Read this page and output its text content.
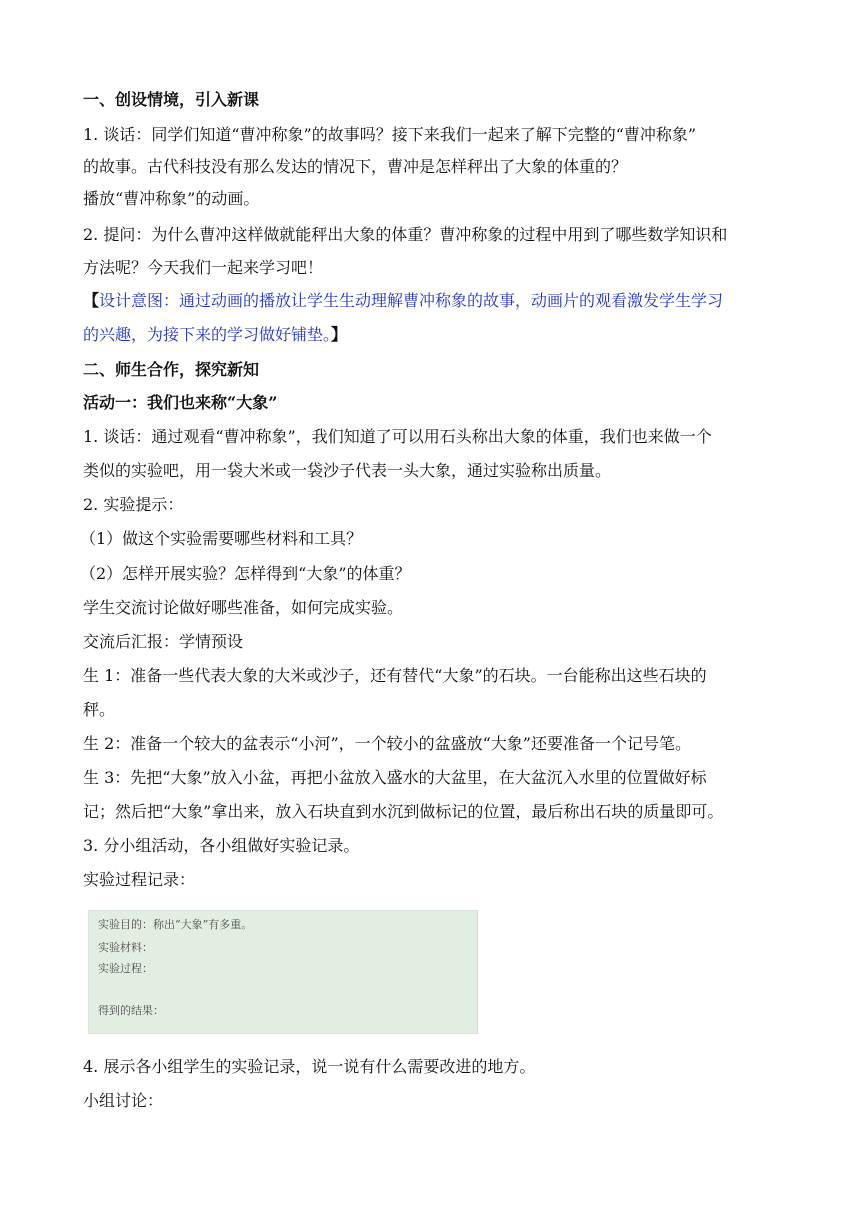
一、创设情境，引入新课
1. 谈话：同学们知道“曹冲称象”的故事吗？接下来我们一起来了解下完整的“曹冲称象”
的故事。古代科技没有那么发达的情况下，曹冲是怎样秤出了大象的体重的？
播放“曹冲称象”的动画。
2. 提问：为什么曹冲这样做就能秤出大象的体重？曹冲称象的过程中用到了哪些数学知识和
方法呢？今天我们一起来学习吧！
【设计意图：通过动画的播放让学生生动理解曹冲称象的故事，动画片的观看激发学生学习
的兴趣，为接下来的学习做好铺垫。】
二、师生合作，探究新知
活动一：我们也来称“大象”
1. 谈话：通过观看“曹冲称象”，我们知道了可以用石头称出大象的体重，我们也来做一个
类似的实验吧，用一袋大米或一袋沙子代表一头大象，通过实验称出质量。
2. 实验提示：
（1）做这个实验需要哪些材料和工具？
（2）怎样开展实验？怎样得到“大象”的体重？
学生交流讨论做好哪些准备，如何完成实验。
交流后汇报：学情预设
生 1：准备一些代表大象的大米或沙子，还有替代“大象”的石块。一台能称出这些石块的
秤。
生 2：准备一个较大的盆表示“小河”，一个较小的盆盛放“大象”还要准备一个记号笔。
生 3：先把“大象”放入小盆，再把小盆放入盛水的大盆里，在大盆沉入水里的位置做好标
记；然后把“大象”拿出来，放入石块直到水沉到做标记的位置，最后称出石块的质量即可。
3. 分小组活动，各小组做好实验记录。
实验过程记录：
实验目的：称出“大象”有多重。
实验材料：
实验过程：
得到的结果：
4. 展示各小组学生的实验记录，说一说有什么需要改进的地方。
小组讨论：
